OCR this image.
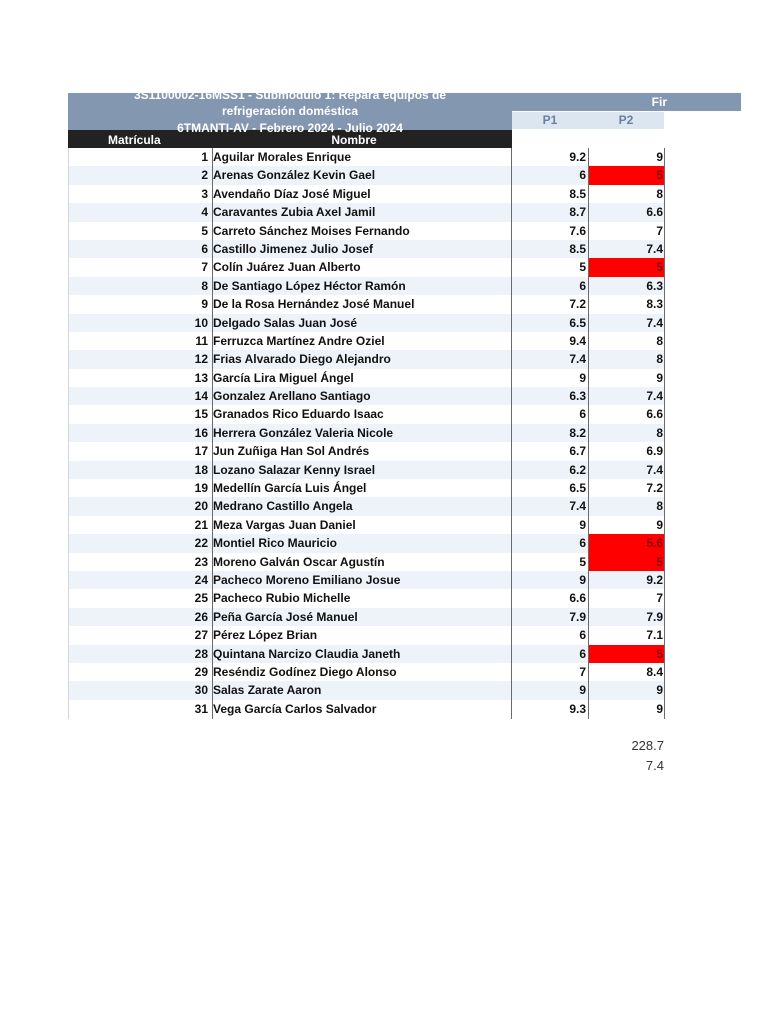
3S1100002-16MSS1 - Submódulo 1: Repara equipos de
refrigeración doméstica
Fir
P1	P2
6TMANTI-AV - Febrero 2024 - Julio 2024
Matrícula	Nombre
1 Aguilar Morales Enrique	9.2	9
2 Arenas González Kevin Gael	6	5
3 Avendaño Díaz José Miguel	8.5	8
4 Caravantes Zubia Axel Jamil	8.7	6.6
5 Carreto Sánchez Moises Fernando	7.6	7
6 Castillo Jimenez Julio Josef	8.5	7.4
7 Colín Juárez Juan Alberto	5	5
8 De Santiago López Héctor Ramón	6	6.3
9 De la Rosa Hernández José Manuel	7.2	8.3
10 Delgado Salas Juan José	6.5	7.4
11 Ferruzca Martínez Andre Oziel	9.4	8
12 Frias Alvarado Diego Alejandro	7.4	8
13 García Lira Miguel Ángel	9	9
14 Gonzalez Arellano Santiago	6.3	7.4
15 Granados Rico Eduardo Isaac	6	6.6
16 Herrera González Valeria Nicole	8.2	8
17 Jun Zuñiga Han Sol Andrés	6.7	6.9
18 Lozano Salazar Kenny Israel	6.2	7.4
19 Medellín García Luis Ángel	6.5	7.2
20 Medrano Castillo Angela	7.4	8
21 Meza Vargas Juan Daniel	9	9
22 Montiel Rico Mauricio	6	5.6
23 Moreno Galván Oscar Agustín	5	5
24 Pacheco Moreno Emiliano Josue	9	9.2
25 Pacheco Rubio Michelle	6.6	7
26 Peña García José Manuel	7.9	7.9
27 Pérez López Brian	6	7.1
28 Quintana Narcizo Claudia Janeth	6	5
29 Reséndiz Godínez Diego Alonso	7	8.4
30 Salas Zarate Aaron	9	9
31 Vega García Carlos Salvador	9.3	9
228.7
7.4
